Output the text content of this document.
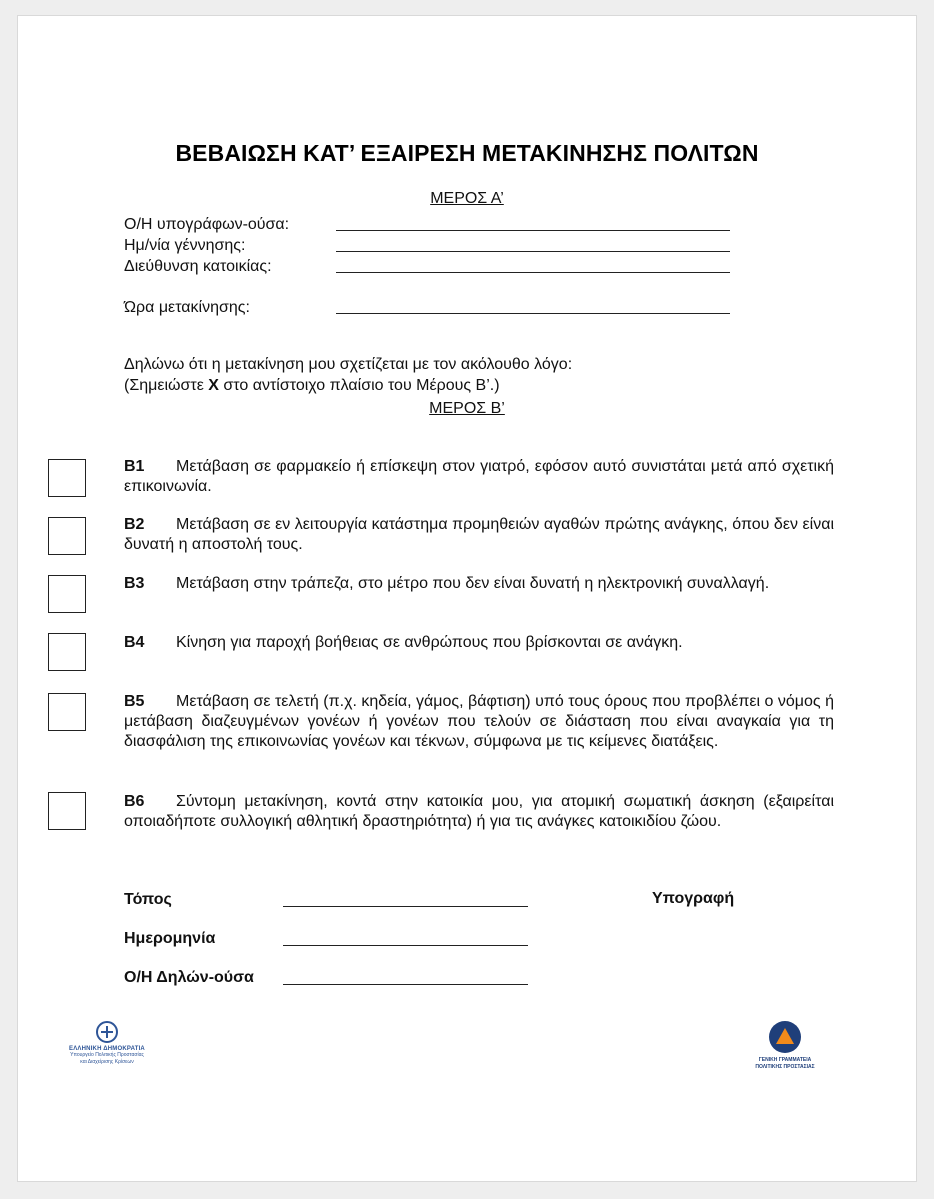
ΒΕΒΑΙΩΣΗ ΚΑΤ’ ΕΞΑΙΡΕΣΗ ΜΕΤΑΚΙΝΗΣΗΣ ΠΟΛΙΤΩΝ
ΜΕΡΟΣ Α’
Ο/Η υπογράφων-ούσα:
Ημ/νία γέννησης:
Διεύθυνση κατοικίας:
Ώρα μετακίνησης:
Δηλώνω ότι η μετακίνηση μου σχετίζεται με τον ακόλουθο λόγο:
(Σημειώστε Χ στο αντίστοιχο πλαίσιο του Μέρους Β’.)
ΜΕΡΟΣ Β’
Β1 Μετάβαση σε φαρμακείο ή επίσκεψη στον γιατρό, εφόσον αυτό συνιστάται μετά από σχετική επικοινωνία.
Β2 Μετάβαση σε εν λειτουργία κατάστημα προμηθειών αγαθών πρώτης ανάγκης, όπου δεν είναι δυνατή η αποστολή τους.
Β3 Μετάβαση στην τράπεζα, στο μέτρο που δεν είναι δυνατή η ηλεκτρονική συναλλαγή.
Β4 Κίνηση για παροχή βοήθειας σε ανθρώπους που βρίσκονται σε ανάγκη.
Β5 Μετάβαση σε τελετή (π.χ. κηδεία, γάμος, βάφτιση) υπό τους όρους που προβλέπει ο νόμος ή μετάβαση διαζευγμένων γονέων ή γονέων που τελούν σε διάσταση που είναι αναγκαία για τη διασφάλιση της επικοινωνίας γονέων και τέκνων, σύμφωνα με τις κείμενες διατάξεις.
Β6 Σύντομη μετακίνηση, κοντά στην κατοικία μου, για ατομική σωματική άσκηση (εξαιρείται οποιαδήποτε συλλογική αθλητική δραστηριότητα) ή για τις ανάγκες κατοικιδίου ζώου.
Τόπος
Ημερομηνία
Ο/Η Δηλών-ούσα
Υπογραφή
ΕΛΛΗΝΙΚΗ ΔΗΜΟΚΡΑΤΙΑ
Υπουργείο Πολιτικής Προστασίας
και Διαχείρισης Κρίσεων	ΓΕΝΙΚΗ ΓΡΑΜΜΑΤΕΙΑ
ΠΟΛΙΤΙΚΗΣ ΠΡΟΣΤΑΣΙΑΣ
